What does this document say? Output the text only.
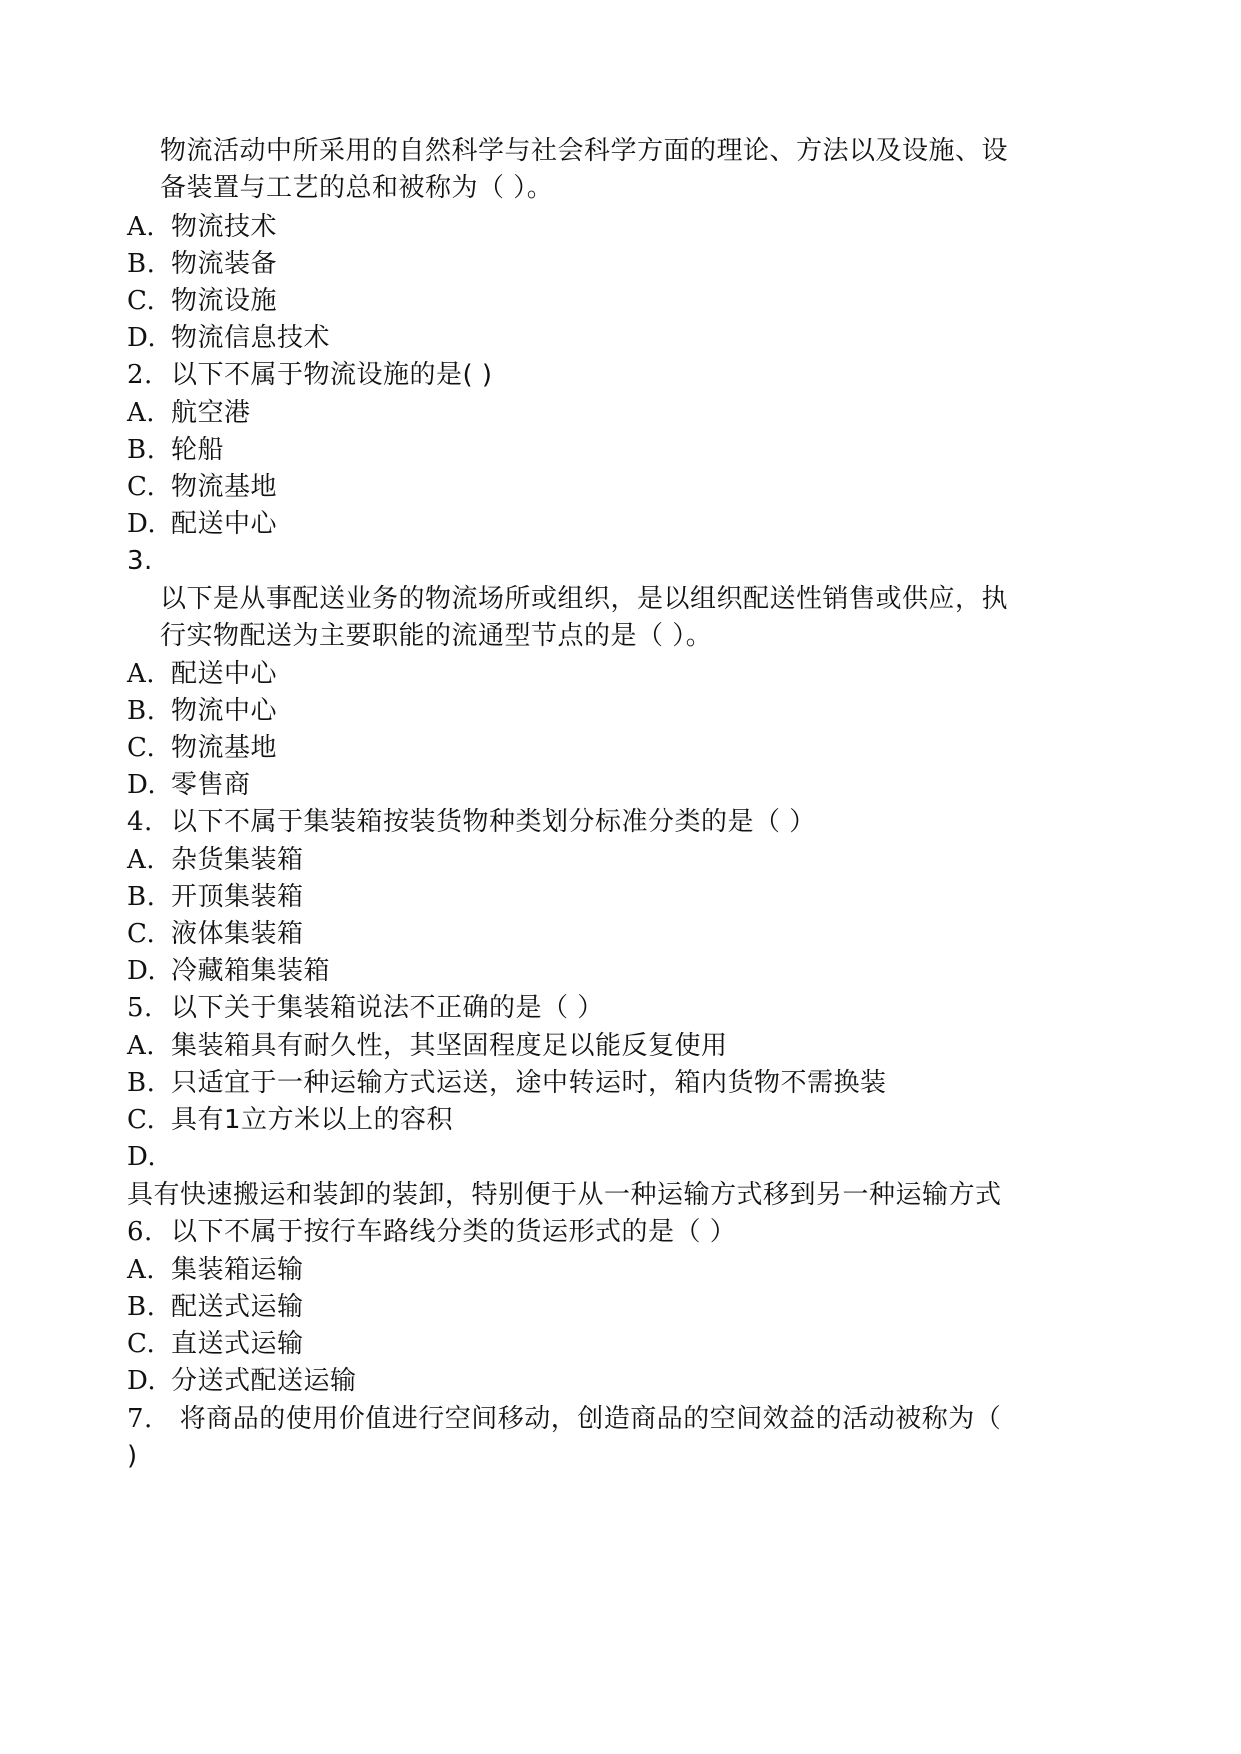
物流活动中所采用的自然科学与社会科学方面的理论、方法以及设施、设
备装置与工艺的总和被称为（ ）。
A. 物流技术
B. 物流装备
C. 物流设施
D. 物流信息技术
2. 以下不属于物流设施的是( )
A. 航空港
B. 轮船
C. 物流基地
D. 配送中心
3.
以下是从事配送业务的物流场所或组织，是以组织配送性销售或供应，执
行实物配送为主要职能的流通型节点的是（ ）。
A. 配送中心
B. 物流中心
C. 物流基地
D. 零售商
4. 以下不属于集装箱按装货物种类划分标准分类的是（ ）
A. 杂货集装箱
B. 开顶集装箱
C. 液体集装箱
D. 冷藏箱集装箱
5. 以下关于集装箱说法不正确的是（ ）
A. 集装箱具有耐久性，其坚固程度足以能反复使用
B. 只适宜于一种运输方式运送，途中转运时，箱内货物不需换装
C. 具有1立方米以上的容积
D.
具有快速搬运和装卸的装卸，特别便于从一种运输方式移到另一种运输方式
6. 以下不属于按行车路线分类的货运形式的是（ ）
A. 集装箱运输
B. 配送式运输
C. 直送式运输
D. 分送式配送运输
7. 将商品的使用价值进行空间移动，创造商品的空间效益的活动被称为（
)
